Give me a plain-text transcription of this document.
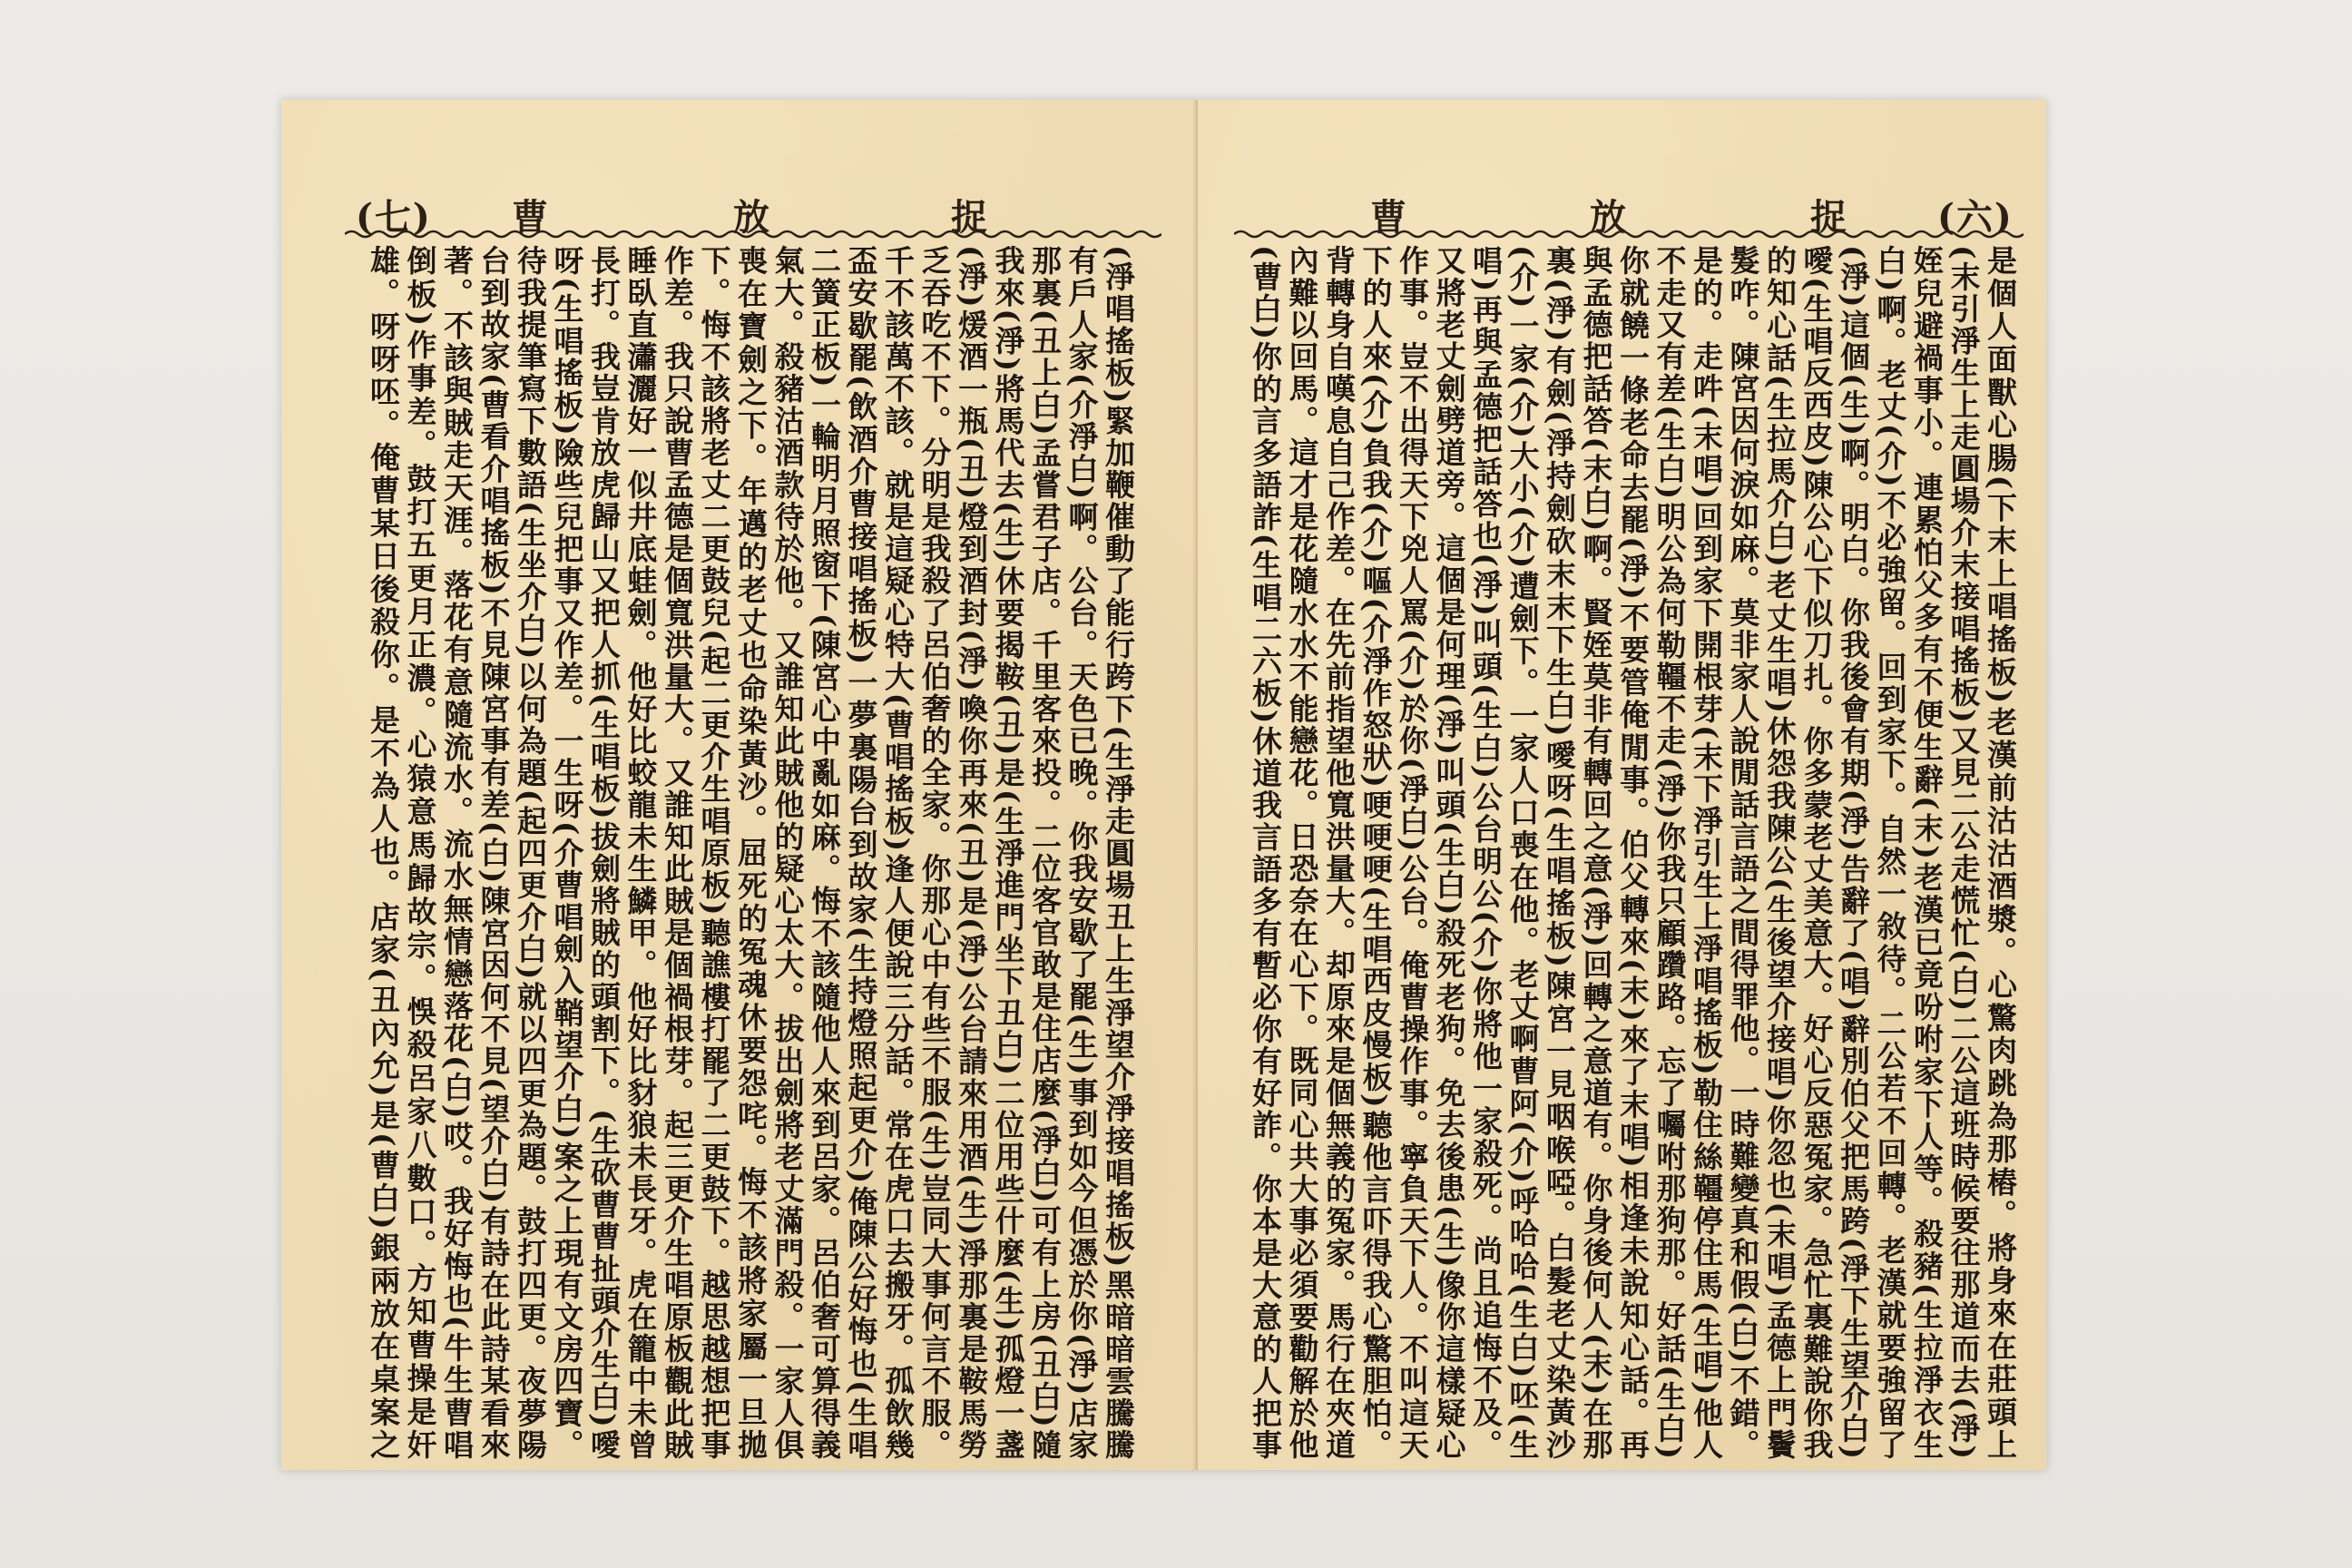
(七) 曹	放	捉
(淨唱搖板)緊加鞭催動了能行跨下(生淨走圓場丑上生淨望介淨接唱搖板)黑暗暗雲騰騰有戶人家(介淨白)啊。公台。天色已晚。你我安歇了罷(生)事到如今但憑於你(淨)店家那裏(丑上白)孟嘗君子店。千里客來投。二位客官敢是住店麼(淨白)可有上房(丑白)隨我來(淨)將馬代去(生)休要揭鞍(丑)是(生淨進門坐下丑白)二位用些什麼(生)孤燈一盞(淨)煖酒一瓶(丑)燈到酒封(淨)喚你再來(丑)是(淨)公台請來用酒(生)淨那裏是鞍馬勞乏吞吃不下。分明是我殺了呂伯奢的全家。你那心中有些不服(生)豈同大事何言不服。千不該萬不該。就是這疑心特大(曹唱搖板)逢人便說三分話。常在虎口去搬牙。孤飲幾盃安歇罷(飲酒介曹接唱搖板)一夢裏陽台到故家(生持燈照起更介)俺陳公好悔也(生唱二簧正板)一輪明月照窗下(陳宮心中亂如麻。悔不該隨他人來到呂家。呂伯奢可算得義氣大。殺豬沽酒款待於他。又誰知此賊他的疑心太大。拔出劍將老丈滿門殺。一家人俱喪在寶劍之下。年邁的老丈也命染黃沙。屈死的冤魂休要怨咤。悔不該將家屬一旦拋下。悔不該將老丈二更鼓兒(起二更介生唱原板)聽譙樓打罷了二更鼓下。越思越想把事作差。我只說曹孟德是個寬洪量大。又誰知此賊是個禍根芽。起三更介生唱原板觀此賊睡臥直瀟灑好一似井底蛙劍。他好比蛟龍未生鱗甲。他好比豺狼未長牙。虎在籠中未曾長打。我豈肯放虎歸山又把人抓(生唱板)拔劍將賊的頭割下。(生砍曹曹扯頭介生白)噯呀(生唱搖板)險些兒把事又作差。一生呀(介曹唱劍入鞘望介白)案之上現有文房四寶。待我提筆寫下數語(生坐介白)以何為題(起四更介白)就以四更為題。鼓打四更。夜夢陽台到故家(曹看介唱搖板)不見陳宮事有差(白)陳宮因何不見(望介白)有詩在此詩某看來著。不該與賊走天涯。落花有意隨流水。流水無情戀落花(白)哎。我好悔也(牛生曹唱倒板)作事差。鼓打五更月正濃。心猿意馬歸故宗。悞殺呂家八數口。方知曹操是奸雄。呀呀呸。俺曹某日後殺你。是不為人也。店家(丑內允)是(曹白)銀兩放在桌案之
曹	放	捉 (六)
是個人面獸心腸(下末上唱搖板)老漢前沽沽酒漿。心驚肉跳為那樁。將身來在莊頭上(末引淨生上走圓場介末接唱搖板)又見二公走慌忙(白)二公這班時候要往那道而去(淨)姪兒避禍事小。連累怕父多有不便生辭(末)老漢已竟吩咐家下人等。殺豬(生拉淨衣生白)啊。老丈(介)不必強留。回到家下。自然一敘待。二公若不回轉。老漢就要強留了(淨)這個(生)啊。明白。你我後會有期(淨)告辭了(唱)辭別伯父把馬跨(淨下生望介白)噯(生唱反西皮)陳公心下似刀扎。你多蒙老丈美意大。好心反惡冤家。急忙裏難說你我的知心話(生拉馬介白)老丈生唱)休怨我陳公(生後望介接唱)你忽也(末唱)孟德上門鬢髮咋。陳宮因何淚如麻。莫非家人說閒話言語之間得罪他。一時難變真和假(白)不錯。是的。走吽(末唱)回到家下開根芽(末下淨引生上淨唱搖板)勒住絲韁停住馬(生唱)他人不走又有差(生白)明公為何勒韁不走(淨)你我只顧躦路。忘了囑咐那狗那。好話(生白)你就饒一條老命去罷(淨)不要管俺閒事。伯父轉來(末)來了末唱)相逢未說知心話。再與孟德把話答(末白)啊。賢姪莫非有轉回之意(淨)回轉之意道有。你身後何人(末)在那裏(淨)有劍(淨持劍砍末末下生白)噯呀(生唱搖板)陳宮一見咽喉啞。白髮老丈染黃沙(介)一家(介)大小(介)遭劍下。一家人口喪在他。老丈啊曹阿(介)呼哈哈(生白)呸(生唱)再與孟德把話答也(淨)叫頭(生白)公台明公(介)你將他一家殺死。尚且追悔不及。又將老丈劍劈道旁。這個是何理(淨)叫頭(生白)殺死老狗。免去後患(生)像你這樣疑心作事。豈不出得天下兇人罵(介)於你(淨白)公台。俺曹操作事。寧負天下人。不叫這天下的人來(介)負我(介)嘔(介淨作怒狀)哽哽哽(生唱西皮慢板)聽他言吓得我心驚胆怕。背轉身自嘆息自己作差。在先前指望他寬洪量大。却原來是個無義的冤家。馬行在夾道內難以回馬。這才是花隨水水不能戀花。日恐奈在心下。既同心共大事必須要勸解於他(曹白)你的言多語詐(生唱二六板)休道我言語多有暫必你有好詐。你本是大意的人把事
